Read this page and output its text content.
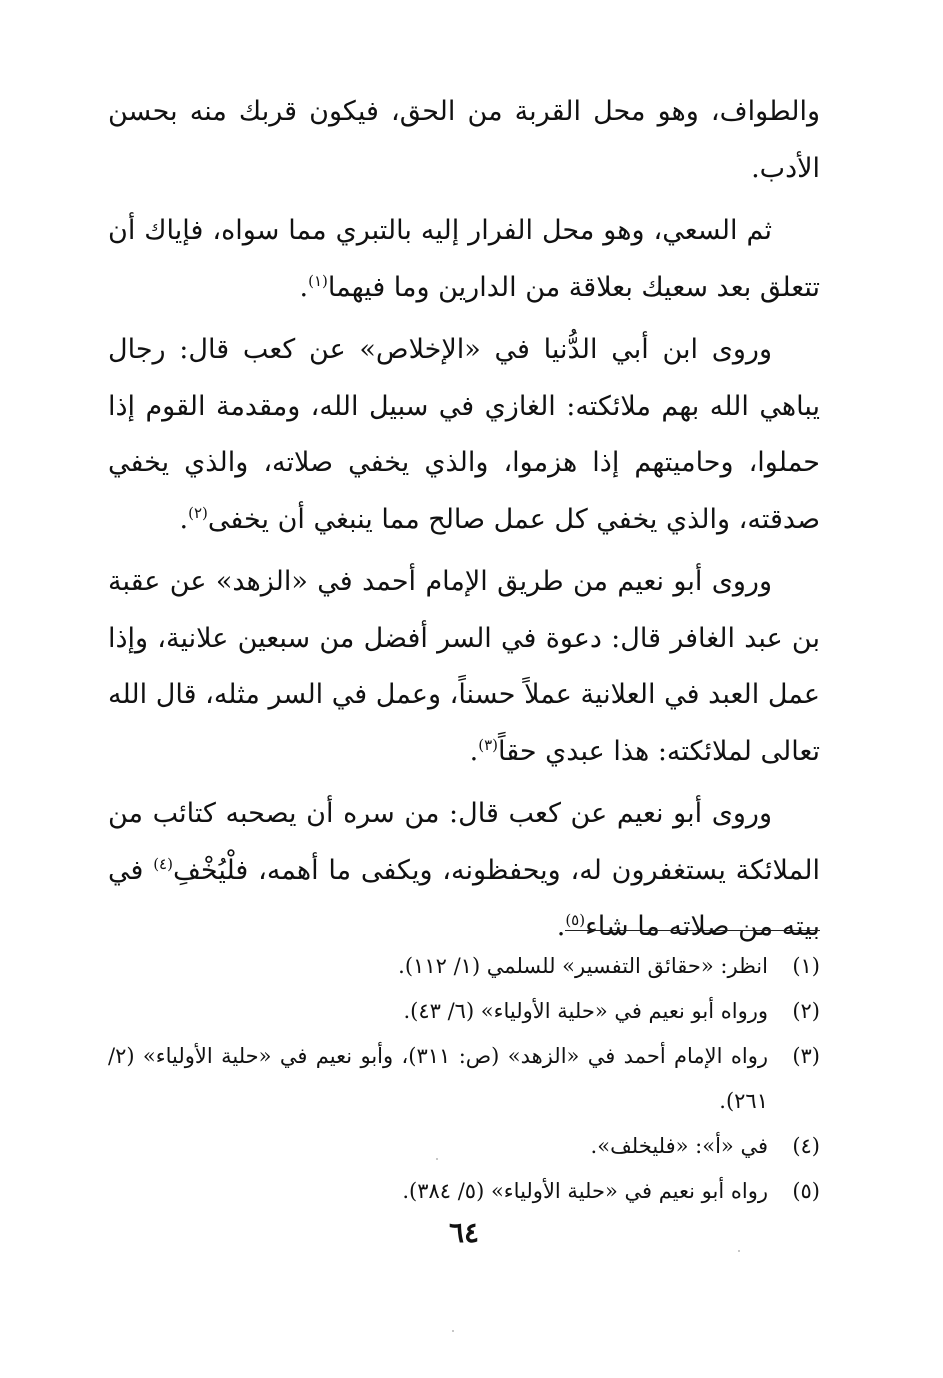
والطواف، وهو محل القربة من الحق، فيكون قربك منه بحسن الأدب.

ثم السعي، وهو محل الفرار إليه بالتبري مما سواه، فإياك أن تتعلق بعد سعيك بعلاقة من الدارين وما فيهما$^{(١)}$.

وروى ابن أبي الدُّنيا في «الإخلاص» عن كعب قال: رجال يباهي الله بهم ملائكته: الغازي في سبيل الله، ومقدمة القوم إذا حملوا، وحاميتهم إذا هزموا، والذي يخفي صلاته، والذي يخفي صدقته، والذي يخفي كل عمل صالح مما ينبغي أن يخفى$^{(٢)}$.

وروى أبو نعيم من طريق الإمام أحمد في «الزهد» عن عقبة بن عبد الغافر قال: دعوة في السر أفضل من سبعين علانية، وإذا عمل العبد في العلانية عملاً حسناً، وعمل في السر مثله، قال الله تعالى لملائكته: هذا عبدي حقاً$^{(٣)}$.

وروى أبو نعيم عن كعب قال: من سره أن يصحبه كتائب من الملائكة يستغفرون له، ويحفظونه، ويكفى ما أهمه، فلْيُخْفِ$^{(٤)}$ في بيته من صلاته ما شاء$^{(٥)}$.

(١)
انظر: «حقائق التفسير» للسلمي (١/ ١١٢).
(٢)
ورواه أبو نعيم في «حلية الأولياء» (٦/ ٤٣).
(٣)
رواه الإمام أحمد في «الزهد» (ص: ٣١١)، وأبو نعيم في «حلية الأولياء» (٢/ ٢٦١).
(٤)
في «أ»: «فليخلف».
(٥)
رواه أبو نعيم في «حلية الأولياء» (٥/ ٣٨٤).
٦٤
